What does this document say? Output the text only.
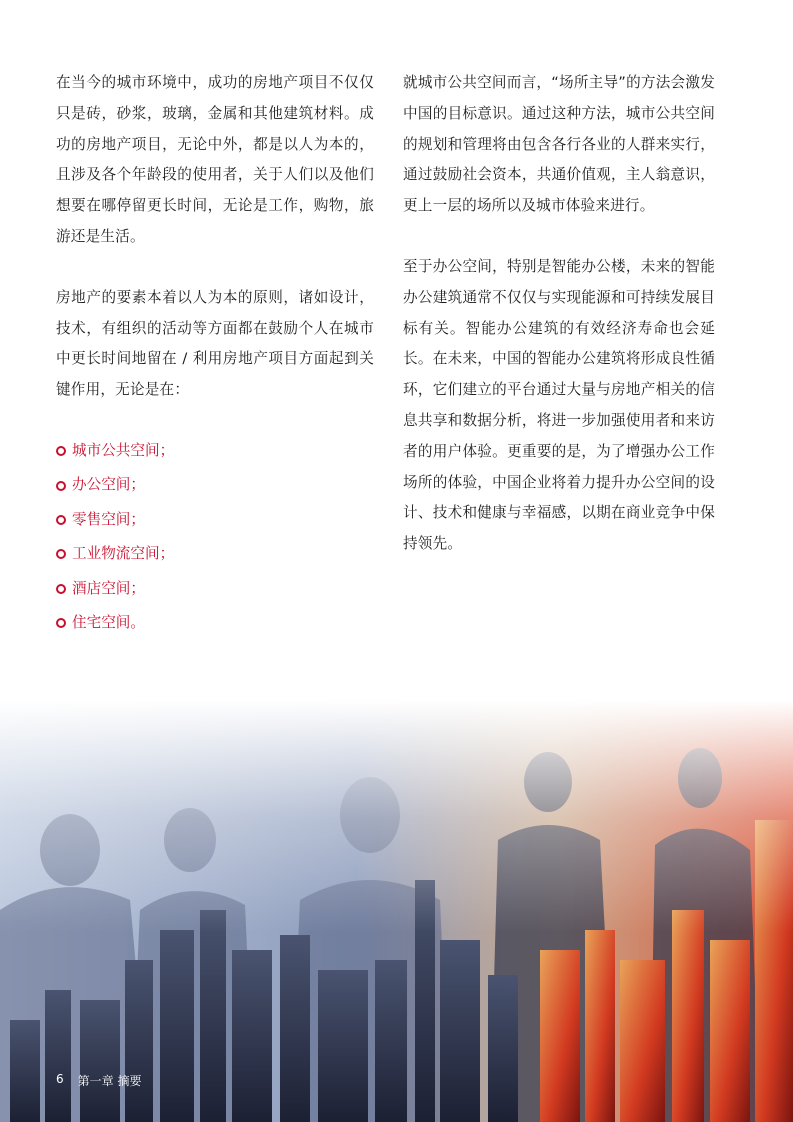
在当今的城市环境中，成功的房地产项目不仅仅只是砖，砂浆，玻璃，金属和其他建筑材料。成功的房地产项目，无论中外，都是以人为本的，且涉及各个年龄段的使用者，关于人们以及他们想要在哪停留更长时间，无论是工作，购物，旅游还是生活。

房地产的要素本着以人为本的原则，诸如设计，技术，有组织的活动等方面都在鼓励个人在城市中更长时间地留在 / 利用房地产项目方面起到关键作用，无论是在：

城市公共空间；
办公空间；
零售空间；
工业物流空间；
酒店空间；
住宅空间。

就城市公共空间而言，“场所主导”的方法会激发中国的目标意识。通过这种方法，城市公共空间的规划和管理将由包含各行各业的人群来实行，通过鼓励社会资本，共通价值观，主人翁意识， 更上一层的场所以及城市体验来进行。

至于办公空间，特别是智能办公楼，未来的智能办公建筑通常不仅仅与实现能源和可持续发展目标有关。智能办公建筑的有效经济寿命也会延长。在未来，中国的智能办公建筑将形成良性循环，它们建立的平台通过大量与房地产相关的信息共享和数据分析，将进一步加强使用者和来访者的用户体验。更重要的是，为了增强办公工作场所的体验，中国企业将着力提升办公空间的设计、技术和健康与幸福感，以期在商业竞争中保持领先。

6 第一章 摘要
